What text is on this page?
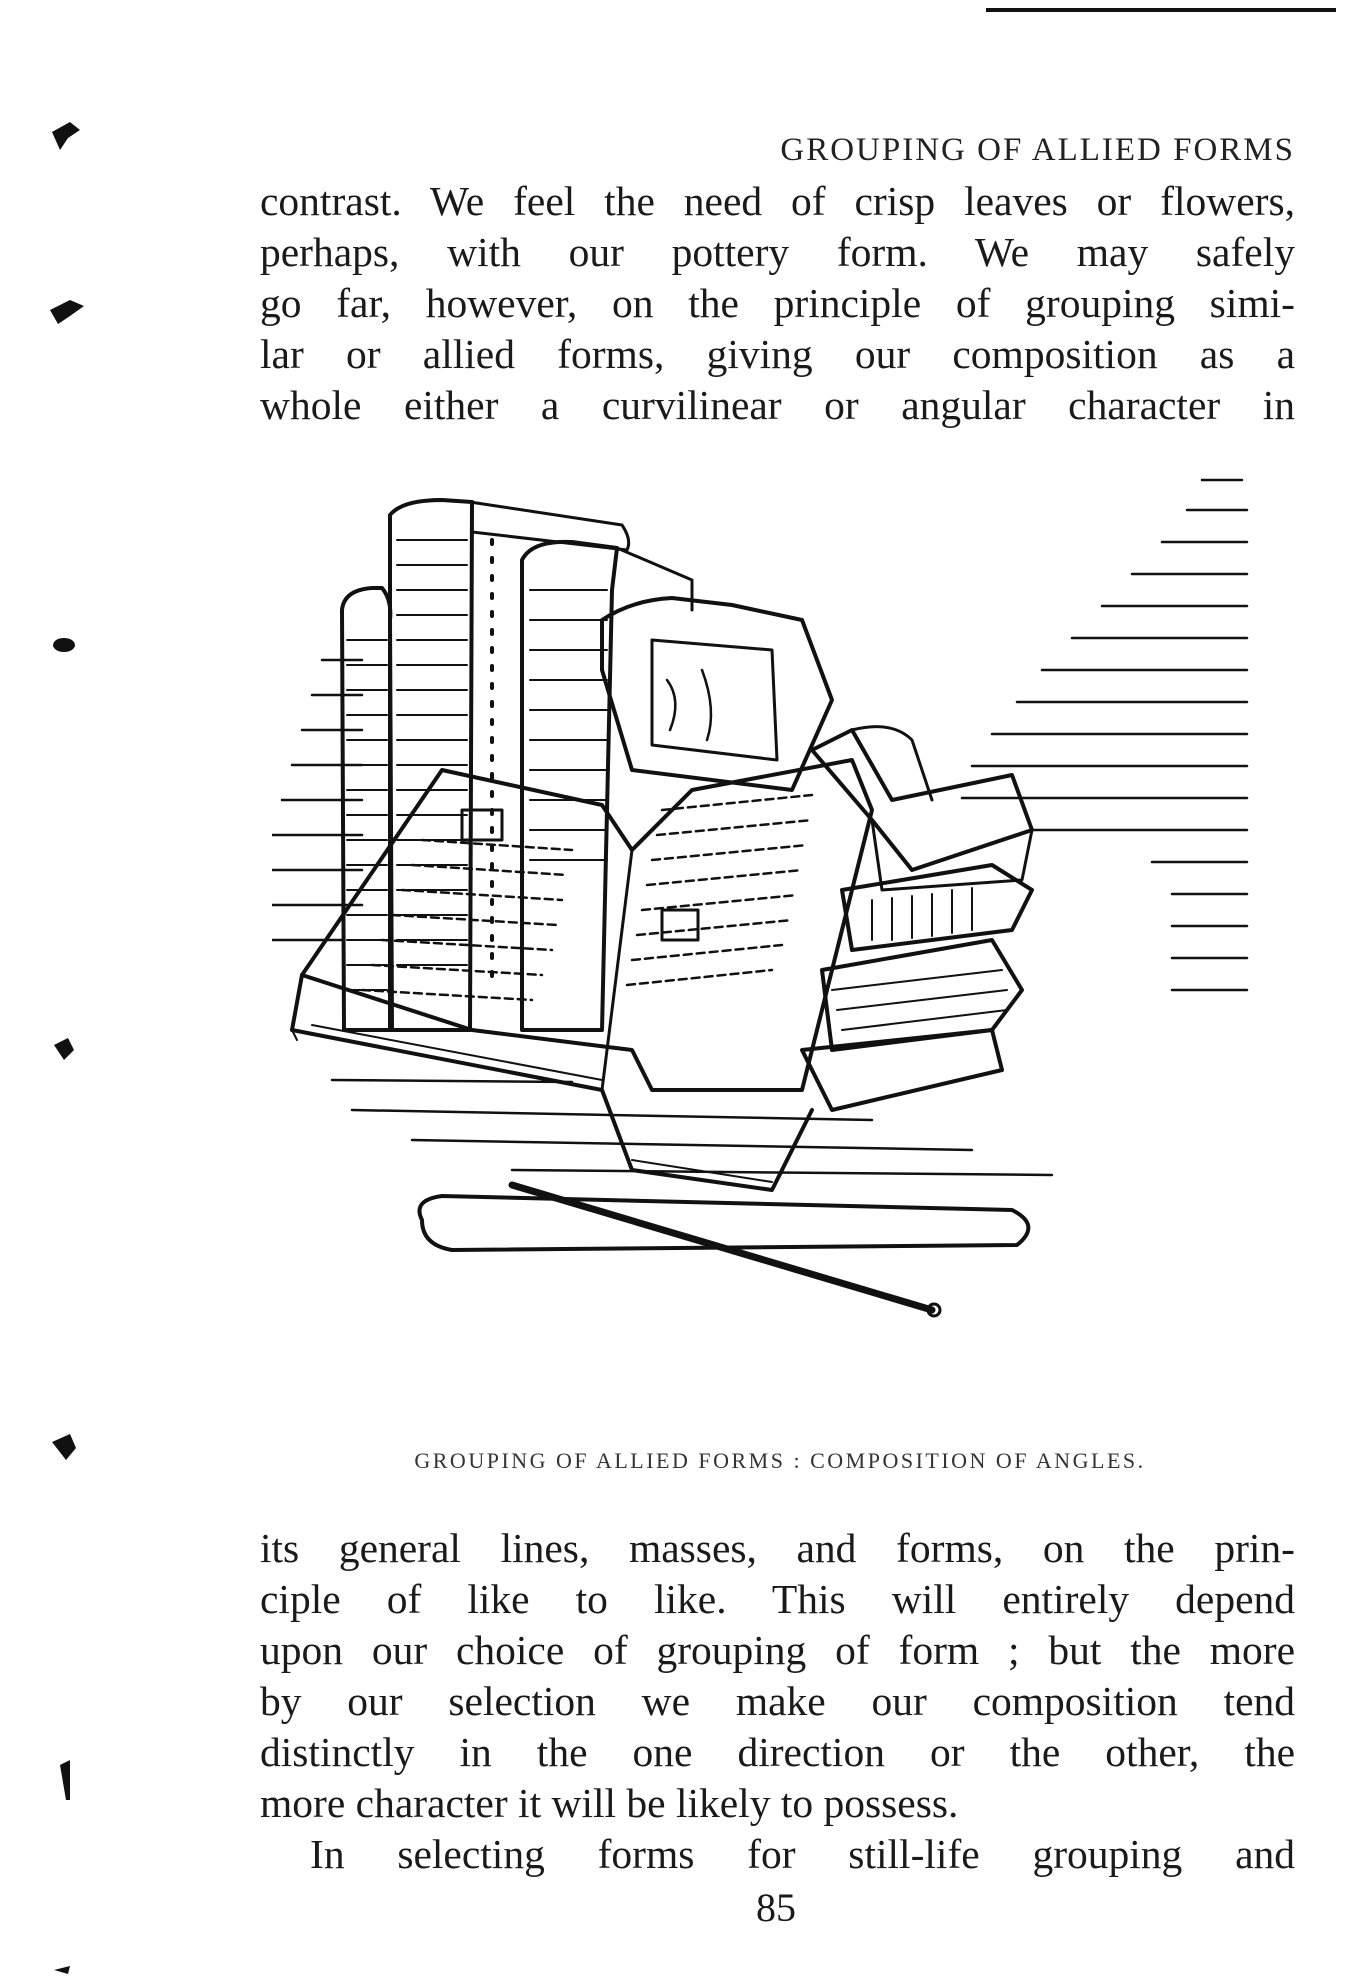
GROUPING OF ALLIED FORMS

contrast. We feel the need of crisp leaves or flowers,
perhaps, with our pottery form. We may safely
go far, however, on the principle of grouping simi-
lar or allied forms, giving our composition as a
whole either a curvilinear or angular character in

GROUPING OF ALLIED FORMS : COMPOSITION OF ANGLES.

its general lines, masses, and forms, on the prin-
ciple of like to like. This will entirely depend
upon our choice of grouping of form ; but the more
by our selection we make our composition tend
distinctly in the one direction or the other, the
more character it will be likely to possess.
In selecting forms for still-life grouping and

85
